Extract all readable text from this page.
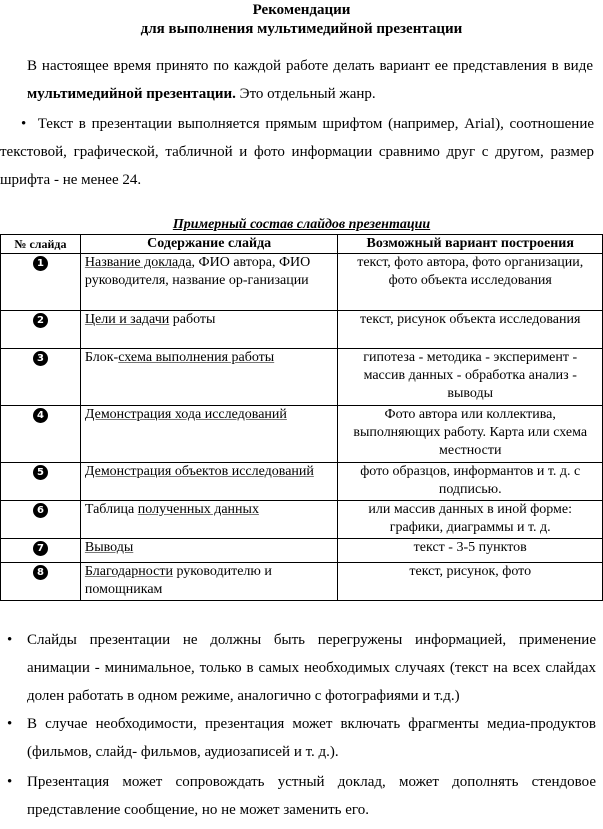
Рекомендации
для выполнения мультимедийной презентации
В настоящее время принято по каждой работе делать вариант ее представления в виде мультимедийной презентации. Это отдельный жанр.
• Текст в презентации выполняется прямым шрифтом (например, Arial), соотношение текстовой, графической, табличной и фото информации сравнимо друг с другом, размер шрифта - не менее 24.
Примерный состав слайдов презентации
№ слайда	Содержание слайда	Возможный вариант построения
1	Название доклада, ФИО автора, ФИО руководителя, название ор-ганизации	текст, фото автора, фото организации, фото объекта исследования
2	Цели и задачи работы	текст, рисунок объекта исследования
3	Блок-схема выполнения работы	гипотеза - методика - эксперимент - массив данных - обработка анализ - выводы
4	Демонстрация хода исследований	Фото автора или коллектива, выполняющих работу. Карта или схема местности
5	Демонстрация объектов исследований	фото образцов, информантов и т. д. с подписью.
6	Таблица полученных данных	или массив данных в иной форме: графики, диаграммы и т. д.
7	Выводы	текст - 3-5 пунктов
8	Благодарности руководителю и помощникам	текст, рисунок, фото
• Слайды презентации не должны быть перегружены информацией, применение анимации - минимальное, только в самых необходимых случаях (текст на всех слайдах долен работать в одном режиме, аналогично с фотографиями и т.д.)
• В случае необходимости, презентация может включать фрагменты медиа-продуктов (фильмов, слайд- фильмов, аудиозаписей и т. д.).
• Презентация может сопровождать устный доклад, может дополнять стендовое представление сообщение, но не может заменить его.
